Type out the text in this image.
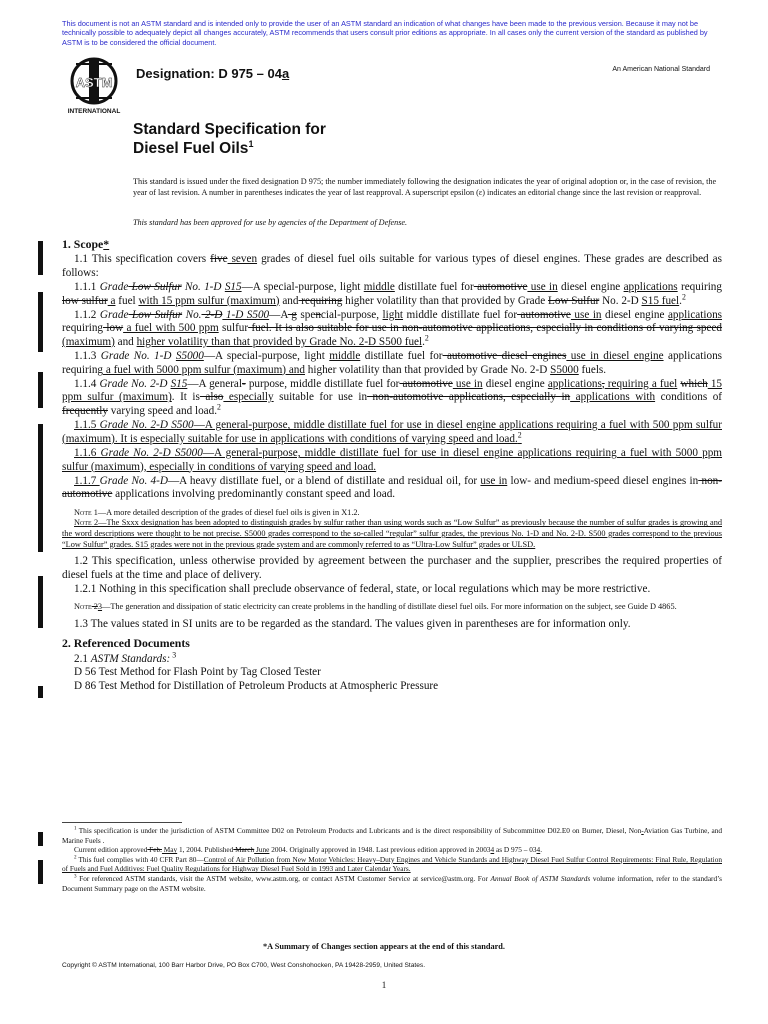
This document is not an ASTM standard and is intended only to provide the user of an ASTM standard an indication of what changes have been made to the previous version. Because it may not be technically possible to adequately depict all changes accurately, ASTM recommends that users consult prior editions as appropriate. In all cases only the current version of the standard as published by ASTM is to be considered the official document.
ASTM
INTERNATIONAL
Designation: D 975 – 04a	An American National Standard
Standard Specification for
Diesel Fuel Oils$^1$
This standard is issued under the fixed designation D 975; the number immediately following the designation indicates the year of original adoption or, in the case of revision, the year of last revision. A number in parentheses indicates the year of last reapproval. A superscript epsilon (ε) indicates an editorial change since the last revision or reapproval.
This standard has been approved for use by agencies of the Department of Defense.
1. Scope*

1.1 This specification covers five seven grades of diesel fuel oils suitable for various types of diesel engines. These grades are described as follows:

1.1.1 Grade Low Sulfur No. 1-D S15—A special-purpose, light middle distillate fuel for automotive use in diesel engine applications requiring low sulfur a fuel with 15 ppm sulfur (maximum) and requiring higher volatility than that provided by Grade Low Sulfur No. 2-D S15 fuel.$^2$

1.1.2 Grade Low Sulfur No. 2-D 1-D S500—A g spencial-purpose, light middle distillate fuel for automotive use in diesel engine applications requiring low a fuel with 500 ppm sulfur fuel. It is also suitable for use in non-automotive applications, especially in conditions of varying speed (maximum) and higher volatility than that provided by Grade No. 2-D S500 fuel.$^2$

1.1.3 Grade No. 1-D S5000—A special-purpose, light middle distillate fuel for automotive diesel engines use in diesel engine applications requiring a fuel with 5000 ppm sulfur (maximum) and higher volatility than that provided by Grade No. 2-D S5000 fuels.

1.1.4 Grade No. 2-D S15—A general- purpose, middle distillate fuel for automotive use in diesel engine applications, requiring a fuel which 15 ppm sulfur (maximum). It is also especially suitable for use in non-automotive applications, especially in applications with conditions of frequently varying speed and load.$^2$

1.1.5 Grade No. 2-D S500—A general-purpose, middle distillate fuel for use in diesel engine applications requiring a fuel with 500 ppm sulfur (maximum). It is especially suitable for use in applications with conditions of varying speed and load.$^2$

1.1.6 Grade No. 2-D S5000—A general-purpose, middle distillate fuel for use in diesel engine applications requiring a fuel with 5000 ppm sulfur (maximum), especially in conditions of varying speed and load.

1.1.7 Grade No. 4-D—A heavy distillate fuel, or a blend of distillate and residual oil, for use in low- and medium-speed diesel engines in non-automotive applications involving predominantly constant speed and load.

Note 1—A more detailed description of the grades of diesel fuel oils is given in X1.2.

Note 2—The Sxxx designation has been adopted to distinguish grades by sulfur rather than using words such as “Low Sulfur” as previously because the number of sulfur grades is growing and the word descriptions were thought to be not precise. S5000 grades correspond to the so-called “regular” sulfur grades, the previous No. 1-D and No. 2-D. S500 grades correspond to the previous “Low Sulfur” grades. S15 grades were not in the previous grade system and are commonly referred to as “Ultra-Low Sulfur” grades or ULSD.

1.2 This specification, unless otherwise provided by agreement between the purchaser and the supplier, prescribes the required properties of diesel fuels at the time and place of delivery.

1.2.1 Nothing in this specification shall preclude observance of federal, state, or local regulations which may be more restrictive.

Note 23—The generation and dissipation of static electricity can create problems in the handling of distillate diesel fuel oils. For more information on the subject, see Guide D 4865.

1.3 The values stated in SI units are to be regarded as the standard. The values given in parentheses are for information only.

2. Referenced Documents

2.1 ASTM Standards: $^3$

D 56 Test Method for Flash Point by Tag Closed Tester

D 86 Test Method for Distillation of Petroleum Products at Atmospheric Pressure

$^1$ This specification is under the jurisdiction of ASTM Committee D02 on Petroleum Products and Lubricants and is the direct responsibility of Subcommittee D02.E0 on Burner, Diesel, Non-Aviation Gas Turbine, and Marine Fuels .

Current edition approved Feb. May 1, 2004. Published March June 2004. Originally approved in 1948. Last previous edition approved in 20034 as D 975 – 034.

$^2$ This fuel complies with 40 CFR Part 80—Control of Air Pollution from New Motor Vehicles: Heavy–Duty Engines and Vehicle Standards and Highway Diesel Fuel Sulfur Control Requirements: Final Rule, Regulation of Fuels and Fuel Additives: Fuel Quality Regulations for Highway Diesel Fuel Sold in 1993 and Later Calendar Years.

$^3$ For referenced ASTM standards, visit the ASTM website, www.astm.org, or contact ASTM Customer Service at service@astm.org. For Annual Book of ASTM Standards volume information, refer to the standard’s Document Summary page on the ASTM website.

*A Summary of Changes section appears at the end of this standard.
Copyright © ASTM International, 100 Barr Harbor Drive, PO Box C700, West Conshohocken, PA 19428-2959, United States.
1
